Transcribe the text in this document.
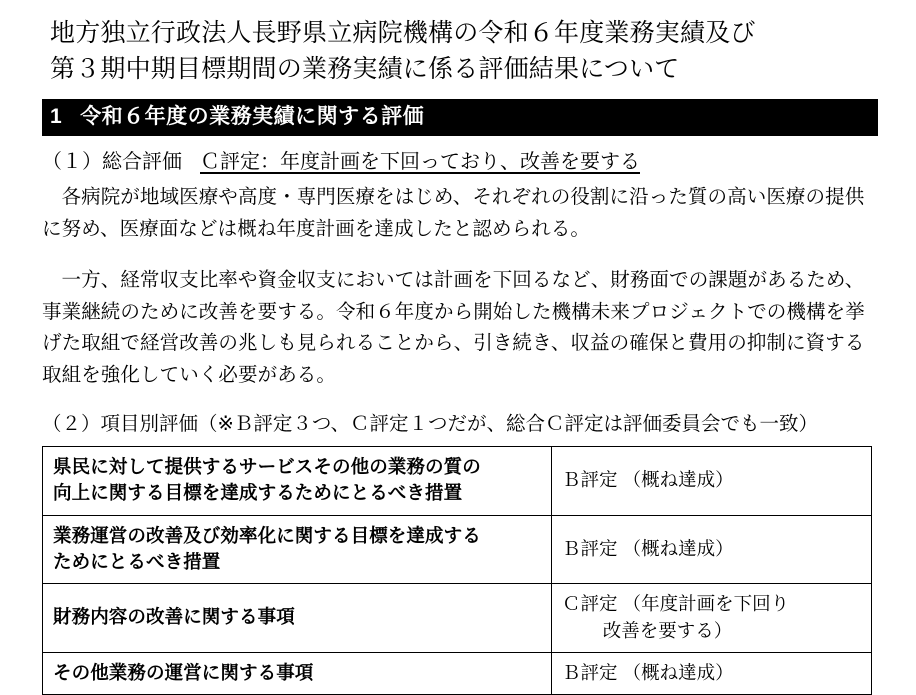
地方独立行政法人長野県立病院機構の令和６年度業務実績及び
第３期中期目標期間の業務実績に係る評価結果について
1 令和６年度の業務実績に関する評価
（１）総合評価 Ｃ評定：年度計画を下回っており、改善を要する

各病院が地域医療や高度・専門医療をはじめ、それぞれの役割に沿った質の高い医療の提供に努め、医療面などは概ね年度計画を達成したと認められる。

一方、経常収支比率や資金収支においては計画を下回るなど、財務面での課題があるため、事業継続のために改善を要する。令和６年度から開始した機構未来プロジェクトでの機構を挙げた取組で経営改善の兆しも見られることから、引き続き、収益の確保と費用の抑制に資する取組を強化していく必要がある。

（２）項目別評価（※Ｂ評定３つ、Ｃ評定１つだが、総合Ｃ評定は評価委員会でも一致）
県民に対して提供するサービスその他の業務の質の
向上に関する目標を達成するためにとるべき措置	Ｂ評定 （概ね達成）
業務運営の改善及び効率化に関する目標を達成する
ためにとるべき措置	Ｂ評定 （概ね達成）
財務内容の改善に関する事項	Ｃ評定 （年度計画を下回り
改善を要する）

その他業務の運営に関する事項	Ｂ評定 （概ね達成）
